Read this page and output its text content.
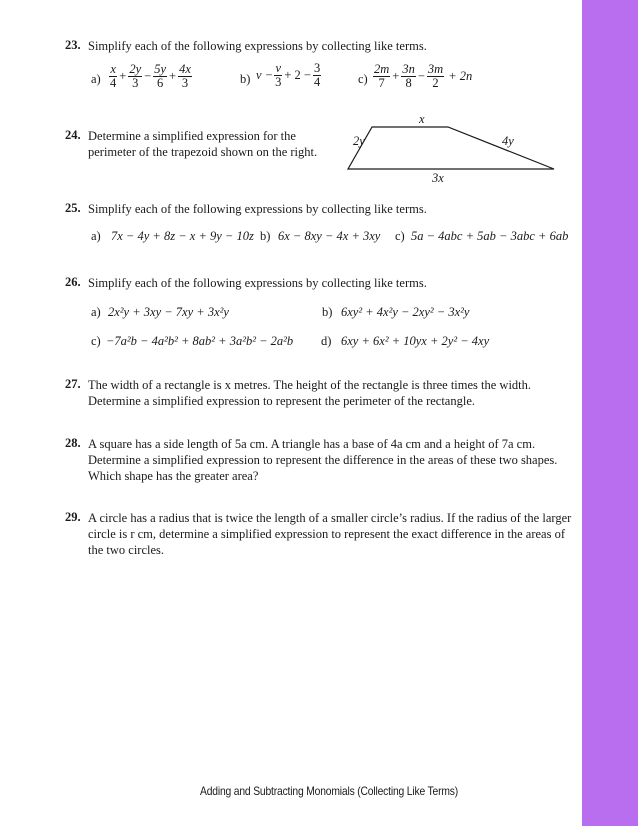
23. Simplify each of the following expressions by collecting like terms.
$a) \frac{x}{4} + \frac{2y}{3} - \frac{5y}{6} + \frac{4x}{3}$	b) $v - \frac{v}{3} + 2 - \frac{3}{4}$	$c) \frac{2m}{7} + \frac{3n}{8} - \frac{3m}{2} + 2n$
24. Determine a simplified expression for the
perimeter of the trapezoid shown on the right.
x
2y	4y
3x
25. Simplify each of the following expressions by collecting like terms.
a) 7x − 4y + 8z − x + 9y − 10z b) 6x − 8xy − 4x + 3xy c) 5a − 4abc + 5ab − 3abc + 6ab
26. Simplify each of the following expressions by collecting like terms.
a) 2x²y + 3xy − 7xy + 3x²y	b) 6xy² + 4x²y − 2xy² − 3x²y
c) −7a²b − 4a²b² + 8ab² + 3a²b² − 2a²b d) 6xy + 6x² + 10yx + 2y² − 4xy
27. The width of a rectangle is x metres. The height of the rectangle is three times the width.
Determine a simplified expression to represent the perimeter of the rectangle.
28. A square has a side length of 5a cm. A triangle has a base of 4a cm and a height of 7a cm.
Determine a simplified expression to represent the difference in the areas of these two shapes.
Which shape has the greater area?
29. A circle has a radius that is twice the length of a smaller circle’s radius. If the radius of the larger
circle is r cm, determine a simplified expression to represent the exact difference in the areas of
the two circles.
Adding and Subtracting Monomials (Collecting Like Terms)
